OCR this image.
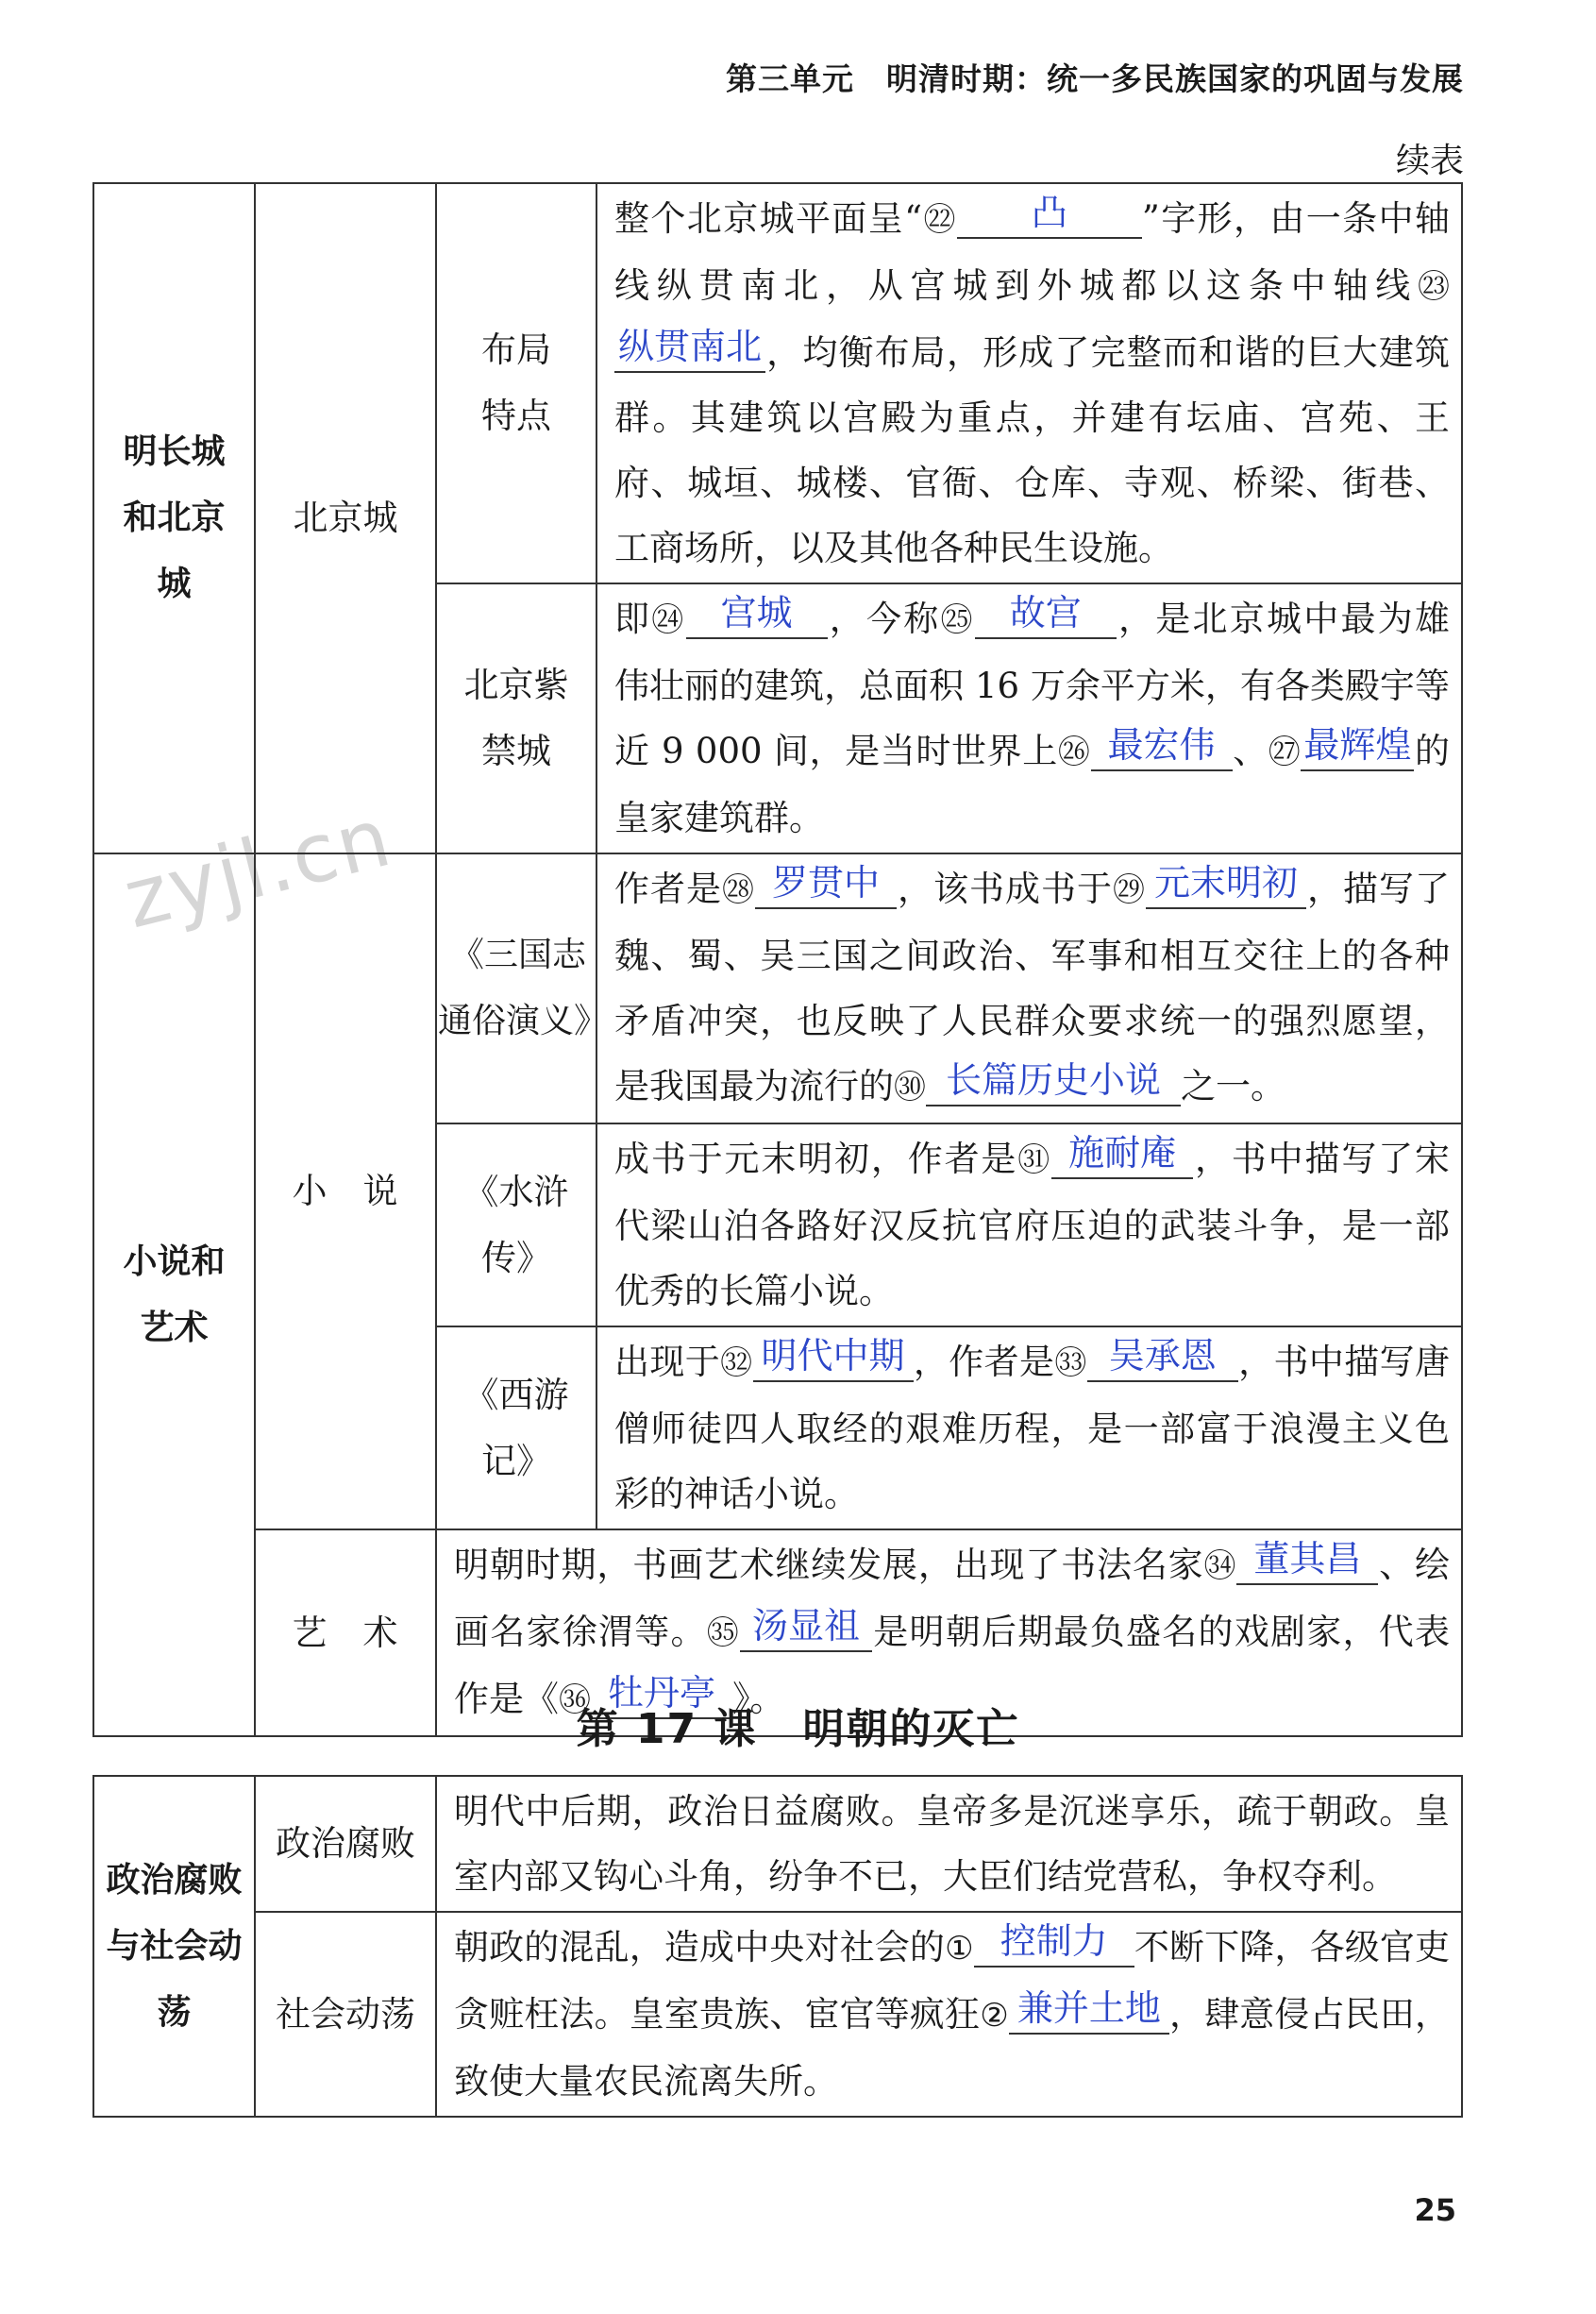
第三单元 明清时期：统一多民族国家的巩固与发展
续表
zyjl.cn
明长城和北京城	北京城	布局特点	整个北京城平面呈“㉒ 凸 ”字形，由一条中轴线纵贯南北，从宫城到外城都以这条中轴线㉓纵贯南北 ，均衡布局，形成了完整而和谐的巨大建筑群。其建筑以宫殿为重点，并建有坛庙、宫苑、王府、城垣、城楼、官衙、仓库、寺观、桥梁、街巷、工商场所，以及其他各种民生设施。

		北京紫禁城	即㉔ 宫城 ，今称㉕ 故宫 ，是北京城中最为雄伟壮丽的建筑，总面积 16 万余平方米，有各类殿宇等近 9 000 间，是当时世界上㉖ 最宏伟 、㉗最辉煌的皇家建筑群。

小说和艺术	小说	《三国志通俗演义》	作者是㉘ 罗贯中 ，该书成书于㉙ 元末明初 ，描写了魏、蜀、吴三国之间政治、军事和相互交往上的各种矛盾冲突，也反映了人民群众要求统一的强烈愿望，是我国最为流行的㉚ 长篇历史小说 之一。
		《水浒传》	成书于元末明初，作者是㉛ 施耐庵 ，书中描写了宋代梁山泊各路好汉反抗官府压迫的武装斗争，是一部优秀的长篇小说。
		《西游记》	出现于㉜ 明代中期 ，作者是㉝ 吴承恩 ，书中描写唐僧师徒四人取经的艰难历程，是一部富于浪漫主义色彩的神话小说。
	艺术	明朝时期，书画艺术继续发展，出现了书法名家㉞ 董其昌 、绘画名家徐渭等。㉟ 汤显祖 是明朝后期最负盛名的戏剧家，代表作是《㊱ 牡丹亭 》。	
第 17 课 明朝的灭亡
政治腐败与社会动荡	政治腐败	明代中后期，政治日益腐败。皇帝多是沉迷享乐，疏于朝政。皇室内部又钩心斗角，纷争不已，大臣们结党营私，争权夺利。
	社会动荡	朝政的混乱，造成中央对社会的① 控制力 不断下降，各级官吏贪赃枉法。皇室贵族、宦官等疯狂② 兼并土地 ，肆意侵占民田，致使大量农民流离失所。
25
